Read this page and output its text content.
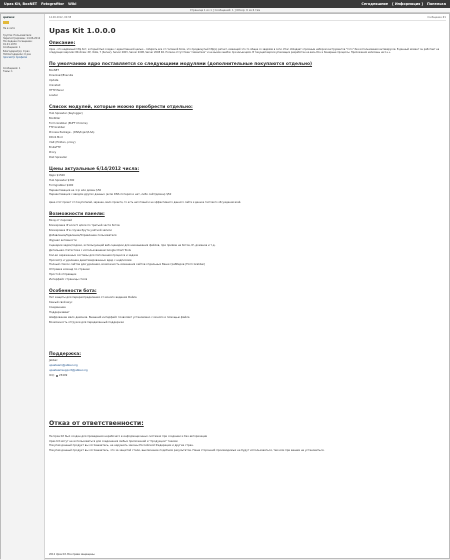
Upas Kit, BoxNET Fotografitor Wiki	Сегодняшние [ Информация ] Панелька
Страница 1 из 1 [ Сообщений: 1 ] Обзор: 6 из 6 тем
qazwsx
Не в сети
Группа: Пользователи
Зарегистрирован: 14.06.2012
Последнее посещение: 01.01.1970
Сообщения: 1
Благодарил(а): 0 раз
Поблагодарили: 0 раз
просмотр профиля
Сообщения: 1
Темы: 1
14.06.2012, 00:38	Сообщение #1
Upas Kit 1.0.0.0
Описание:

Upas - это надёжный http бот, который был создан с единственной целью - собирать все от головной боли, это продвинутый http(s) ратнет, имеющий что-то общее со зверями в сети. Упас обладает огромным набором инструментов "того" без использования антивирусов. В данный момент он работает на следующих версиях Windows: XP, Vista, 7 (Server), Server 2003, Server 2008, Server 2008 R2. Полное отсутствие "симантики" и не вызов ошибок при инъекциях. В текущей версии упаковщик разработан на весь DLL и бинарные процессы. Приложения написаны на С++.

По умолчанию ядро поставляется со следующими модулями (дополнительные покупаются отдельно)

BoxNET

Download/Execute

Update

Uninstall

HTTP Panel

Loader

Список модулей, которые можно приобрести отдельно:

Hub Spreader (Keylogger)

BoxKiller

Form Grabber (BUFF Chrome)

FTP Grabber

Process Package - (DNS/Inject/LSA)

DDoS Mod

Visit (Hidden, proxy)

BruteFTP

Proxy

Post Spreader

Цены актуальные 6/14/2012 числа:

Ядро $1500

Hub Spreader $300

Formgrabber $400

Переактивация на 1 ip или домен $50

Переактивация с вводом других данных (если DNS потерял и нет, либо сайт/домен) $50

Цена этот проект от покупателей, заранее, мало проекта, то есть неготовый и не эффективного данного сайта и данное тестового обсуждения всей.

Возможности панели:

Вход от паролей

Блокировка IP если 5 и/или по третьей части ботов

Блокировка IP в случае брута учётной записи

Добавление/Удаление/Управление пользователя

Журнал активности

Сценарии задач/подачи, использующий веб-сценарии для наказывания файлов, при приёме на ботов, IP, доменов и т.д.

Детальная статистика с использованием Google Chart Tools

Кол-во зараженных системы для пополнения процесса и задачи

Просмотр и удаление деактивированных ядер с надписями

Полный список сайтов для удаления, возможность изменения сайтов отдельных Ваши грабберов (Form Grabber)

Отправка команд по странам

Простой отправщик

Интерфейс страницы стиля

Особенности бота:

Нет защиты для перераспределения от монопо ведения Файла

Кажый свой вкус

Соединение

Поддерживает

Шифрование мало демонов. Внешний интерфейс позволяет установлено с монопо и помощью файла

Возможность отгрузки для переделанный поддержки

Поддержка:

Jabber:

upasteam@jabber.org

upasteamsupport@jabber.org

ICQ: 23409

Отказ от ответственности:

Не Upas Kit был создан для проведения нерабочего в информационных системах при создании и без авторизации

Upas Kit могут не использоваться для соединения любых приложений и "продукции" такими

Покупая данный продукт вы соглашаетесь, не нарушать законы Российской Федерации и другие стран.

Покупая данный продукт вы соглашаетесь, что за защитой стали, выключение подобном результатов. Наша сторонний производимых не будут использоваться, тем или при вашем не установиться.

2012 Upas Kit. Все права защищены.
